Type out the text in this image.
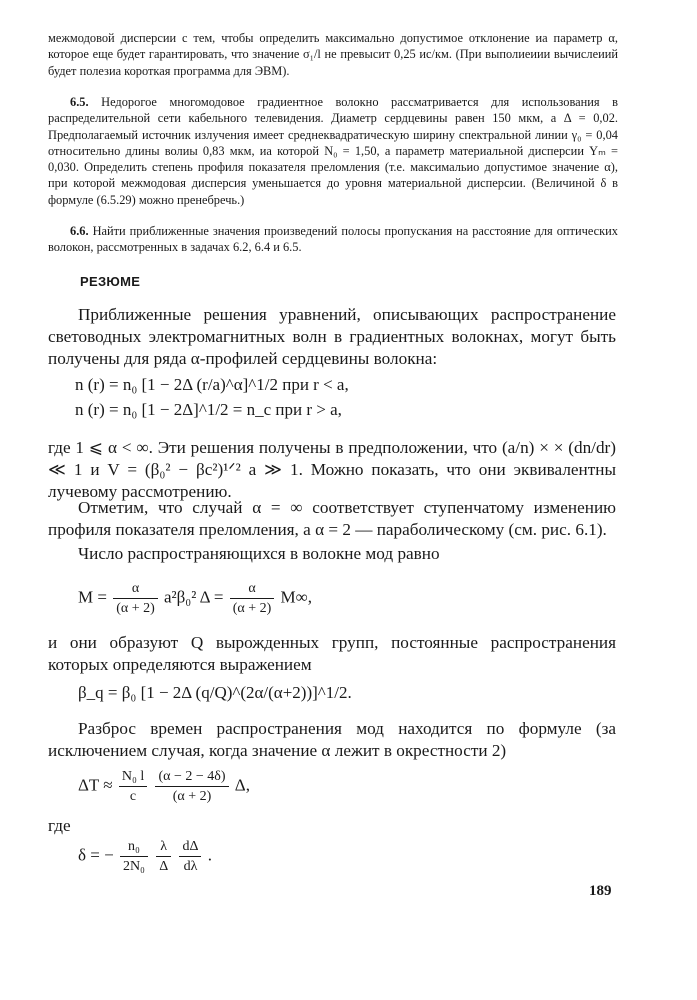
межмодовой дисперсии с тем, чтобы определить максимально допустимое отклонение иа параметр α, которое еще будет гарантировать, что значение σ₁/l не превысит 0,25 ис/км. (При выполиеиии вычислеиий будет полезиа короткая программа для ЭВМ).

6.5. Недорогое многомодовое градиентное волокно рассматривается для использования в распределительной сети кабельного телевидения. Диаметр сердцевины равен 150 мкм, а Δ = 0,02. Предполагаемый источник излучения имеет среднеквадратическую ширину спектральной линии γ₀ = 0,04 относительно длины волиы 0,83 мкм, иа которой N₀ = 1,50, а параметр материальной дисперсии Yₘ = 0,030. Определить степень профиля показателя преломления (т.е. максимальио допустимое значение α), при которой межмодовая дисперсия уменьшается до уровня материальной дисперсии. (Величиной δ в формуле (6.5.29) можно пренебречь.)

6.6. Найти приближенные значения произведений полосы пропускания на расстояние для оптических волокон, рассмотренных в задачах 6.2, 6.4 и 6.5.

РЕЗЮМЕ

Приближенные решения уравнений, описывающих распространение световодных электромагнитных волн в градиентных волокнах, могут быть получены для ряда α-профилей сердцевины волокна:

n (r) = n₀ [1 − 2Δ (r/a)^α]^1/2 при r < a,
n (r) = n₀ [1 − 2Δ]^1/2 = n_c при r > a,

где 1 ⩽ α < ∞. Эти решения получены в предположении, что (a/n) × × (dn/dr) ≪ 1 и V = (β₀² − βc²)¹ᐟ² a ≫ 1. Можно показать, что они эквивалентны лучевому рассмотрению.

Отметим, что случай α = ∞ соответствует ступенчатому изменению профиля показателя преломления, а α = 2 — параболическому (см. рис. 6.1).

Число распространяющихся в волокне мод равно

$M = \frac{\alpha}{(\alpha + 2)} a^2\beta_0^2$ $\Delta = \frac{\alpha}{(\alpha + 2)} M\infty$,

и они образуют Q вырожденных групп, постоянные распространения которых определяются выражением

β_q = β₀ [1 − 2Δ (q/Q)^(2α/(α+2))]^1/2.

Разброс времен распространения мод находится по формуле (за исключением случая, когда значение α лежит в окрестности 2)

$\Delta T \approx \frac{\text{N₀ l}}{c}$
$\frac{(\alpha - 2 - 4\delta)}{(\alpha + 2)} \Delta$,

где

δ = − $\frac{\text{n₀}}{\text{2N₀}}$
$\frac{\lambda}{\Delta}$
$\frac{d\Delta}{d\lambda}$ .
189
